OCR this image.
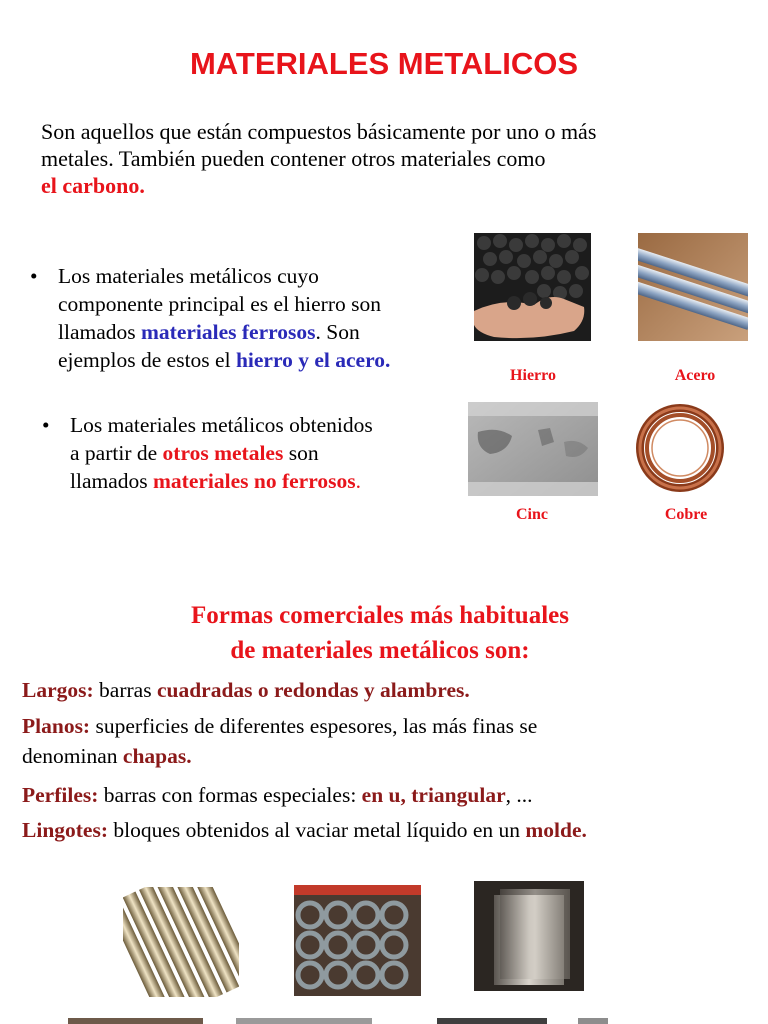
MATERIALES METALICOS

Son aquellos que están compuestos básicamente por uno o más
metales. También pueden contener otros materiales como
el carbono.

• Los materiales metálicos cuyo
componente principal es el hierro son
llamados materiales ferrosos. Son
ejemplos de estos el hierro y el acero.
• Los materiales metálicos obtenidos
a partir de otros metales son
llamados materiales no ferrosos.
Hierro	Acero
Cinc	Cobre
Formas comerciales más habituales
de materiales metálicos son:

Largos: barras cuadradas o redondas y alambres.

Planos: superficies de diferentes espesores, las más finas se
denominan chapas.

Perfiles: barras con formas especiales: en u, triangular, ...

Lingotes: bloques obtenidos al vaciar metal líquido en un molde.
